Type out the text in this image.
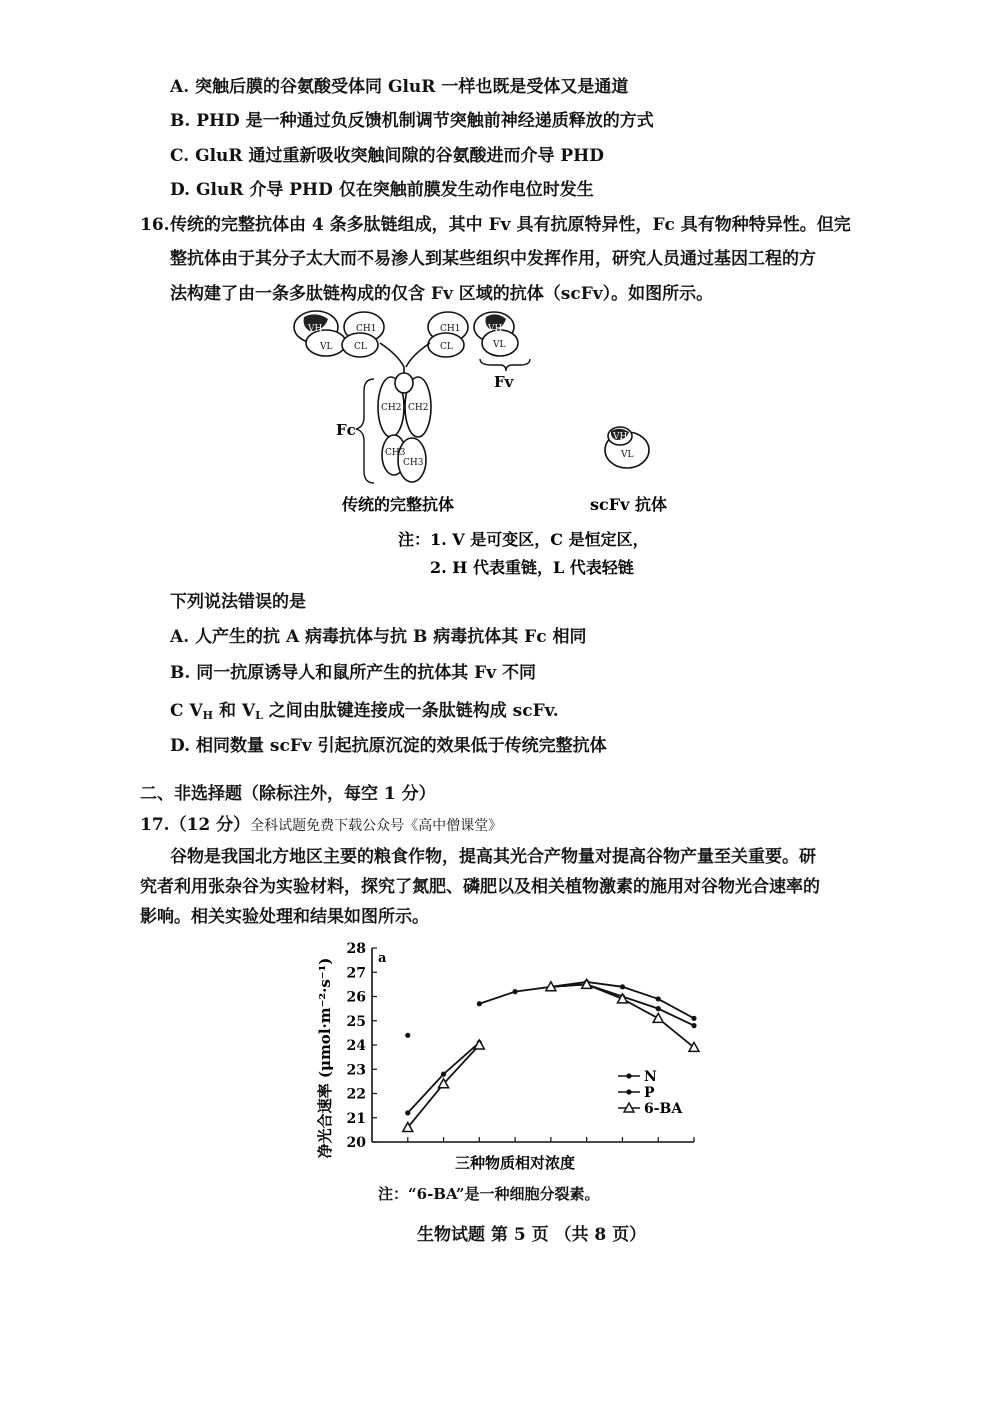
A. 突触后膜的谷氨酸受体同 GluR 一样也既是受体又是通道
B. PHD 是一种通过负反馈机制调节突触前神经递质释放的方式
C. GluR 通过重新吸收突触间隙的谷氨酸进而介导 PHD
D. GluR 介导 PHD 仅在突触前膜发生动作电位时发生
16. 传统的完整抗体由 4 条多肽链组成，其中 Fv 具有抗原特异性，Fc 具有物种特异性。但完
整抗体由于其分子太大而不易渗人到某些组织中发挥作用，研究人员通过基因工程的方
法构建了由一条多肽链构成的仅含 Fv 区域的抗体（scFv）。如图所示。
VH
VL
CH1
CL
CH1
CL
VH
VL
CH2 CH2
CH3
CH3
VH
VL
Fv
Fc
传统的完整抗体	scFv 抗体
注：1. V 是可变区，C 是恒定区，
2. H 代表重链，L 代表轻链
下列说法错误的是
A. 人产生的抗 A 病毒抗体与抗 B 病毒抗体其 Fc 相同
B. 同一抗原诱导人和鼠所产生的抗体其 Fv 不同
C $V_H$ 和 $V_L$ 之间由肽键连接成一条肽链构成 scFv.
D. 相同数量 scFv 引起抗原沉淀的效果低于传统完整抗体
二、非选择题（除标注外，每空 1 分）
17.（12 分）全科试题免费下载公众号《高中僧课堂》
谷物是我国北方地区主要的粮食作物，提高其光合产物量对提高谷物产量至关重要。研
究者利用张杂谷为实验材料，探究了氮肥、磷肥以及相关植物激素的施用对谷物光合速率的
影响。相关实验处理和结果如图所示。
20
21
22
23
24
25
26
27
28
N
P
6-BA
净光合速率 (μmol·m⁻²·s⁻¹)
三种物质相对浓度
a
注：“6-BA”是一种细胞分裂素。
生物试题 第 5 页 （共 8 页）
